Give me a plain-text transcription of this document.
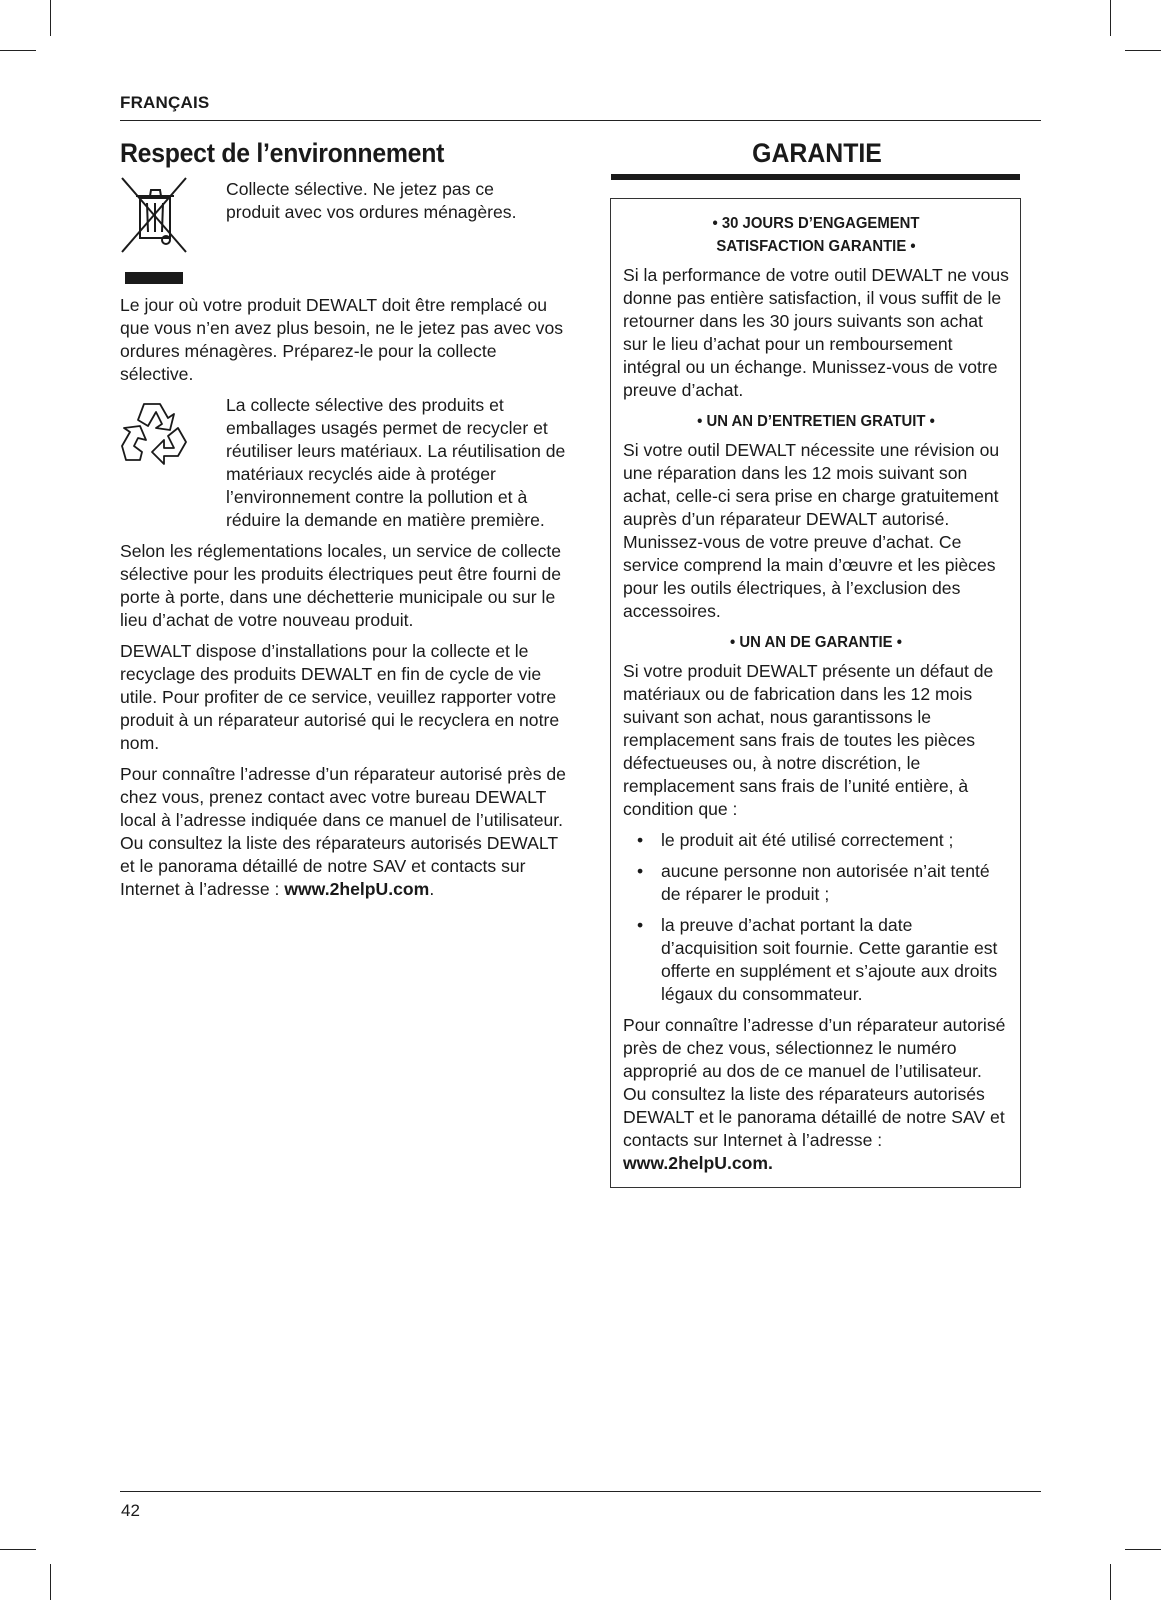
FRANÇAIS
Respect de l’environnement
Collecte sélective. Ne jetez pas ce produit avec vos ordures ménagères.
Le jour où votre produit DEWALT doit être remplacé ou que vous n’en avez plus besoin, ne le jetez pas avec vos ordures ménagères. Préparez-le pour la collecte sélective.
La collecte sélective des produits et emballages usagés permet de recycler et réutiliser leurs matériaux. La réutilisation de matériaux recyclés aide à protéger l’environnement contre la pollution et à réduire la demande en matière première.
Selon les réglementations locales, un service de collecte sélective pour les produits électriques peut être fourni de porte à porte, dans une déchetterie municipale ou sur le lieu d’achat de votre nouveau produit.
DEWALT dispose d’installations pour la collecte et le recyclage des produits DEWALT en fin de cycle de vie utile. Pour profiter de ce service, veuillez rapporter votre produit à un réparateur autorisé qui le recyclera en notre nom.
Pour connaître l’adresse d’un réparateur autorisé près de chez vous, prenez contact avec votre bureau DEWALT local à l’adresse indiquée dans ce manuel de l’utilisateur. Ou consultez la liste des réparateurs autorisés DEWALT et le panorama détaillé de notre SAV et contacts sur Internet à l’adresse : www.2helpU.com.
GARANTIE
• 30 JOURS D’ENGAGEMENT SATISFACTION GARANTIE •
Si la performance de votre outil DEWALT ne vous donne pas entière satisfaction, il vous suffit de le retourner dans les 30 jours suivants son achat sur le lieu d’achat pour un remboursement intégral ou un échange. Munissez-vous de votre preuve d’achat.
• UN AN D’ENTRETIEN GRATUIT •
Si votre outil DEWALT nécessite une révision ou une réparation dans les 12 mois suivant son achat, celle-ci sera prise en charge gratuitement auprès d’un réparateur DEWALT autorisé. Munissez-vous de votre preuve d’achat. Ce service comprend la main d’œuvre et les pièces pour les outils électriques, à l’exclusion des accessoires.
• UN AN DE GARANTIE •
Si votre produit DEWALT présente un défaut de matériaux ou de fabrication dans les 12 mois suivant son achat, nous garantissons le remplacement sans frais de toutes les pièces défectueuses ou, à notre discrétion, le remplacement sans frais de l’unité entière, à condition que :
• le produit ait été utilisé correctement ;
• aucune personne non autorisée n’ait tenté de réparer le produit ;
• la preuve d’achat portant la date d’acquisition soit fournie. Cette garantie est offerte en supplément et s’ajoute aux droits légaux du consommateur.
Pour connaître l’adresse d’un réparateur autorisé près de chez vous, sélectionnez le numéro approprié au dos de ce manuel de l’utilisateur. Ou consultez la liste des réparateurs autorisés DEWALT et le panorama détaillé de notre SAV et contacts sur Internet à l’adresse : www.2helpU.com.
42
